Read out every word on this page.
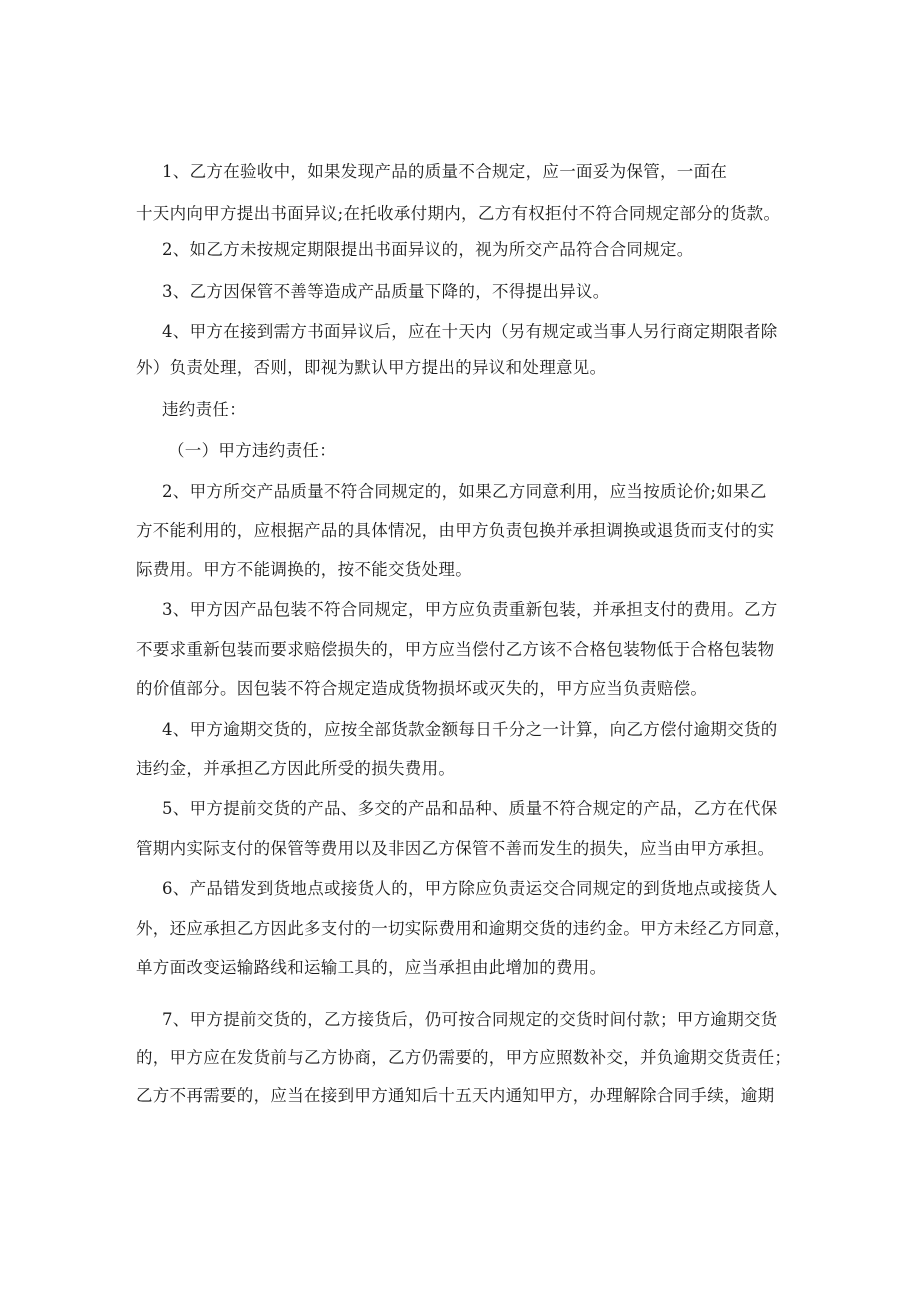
1、乙方在验收中，如果发现产品的质量不合规定，应一面妥为保管，一面在

十天内向甲方提出书面异议;在托收承付期内，乙方有权拒付不符合同规定部分的货款。

2、如乙方未按规定期限提出书面异议的，视为所交产品符合合同规定。

3、乙方因保管不善等造成产品质量下降的，不得提出异议。

4、甲方在接到需方书面异议后，应在十天内（另有规定或当事人另行商定期限者除

外）负责处理，否则，即视为默认甲方提出的异议和处理意见。

违约责任：

（一）甲方违约责任：

2、甲方所交产品质量不符合同规定的，如果乙方同意利用，应当按质论价;如果乙

方不能利用的，应根据产品的具体情况，由甲方负责包换并承担调换或退货而支付的实

际费用。甲方不能调换的，按不能交货处理。

3、甲方因产品包装不符合同规定，甲方应负责重新包装，并承担支付的费用。乙方

不要求重新包装而要求赔偿损失的，甲方应当偿付乙方该不合格包装物低于合格包装物

的价值部分。因包装不符合规定造成货物损坏或灭失的，甲方应当负责赔偿。

4、甲方逾期交货的，应按全部货款金额每日千分之一计算，向乙方偿付逾期交货的

违约金，并承担乙方因此所受的损失费用。

5、甲方提前交货的产品、多交的产品和品种、质量不符合规定的产品，乙方在代保

管期内实际支付的保管等费用以及非因乙方保管不善而发生的损失，应当由甲方承担。

6、产品错发到货地点或接货人的，甲方除应负责运交合同规定的到货地点或接货人

外，还应承担乙方因此多支付的一切实际费用和逾期交货的违约金。甲方未经乙方同意，

单方面改变运输路线和运输工具的，应当承担由此增加的费用。

7、甲方提前交货的，乙方接货后，仍可按合同规定的交货时间付款；甲方逾期交货

的，甲方应在发货前与乙方协商，乙方仍需要的，甲方应照数补交，并负逾期交货责任；

乙方不再需要的，应当在接到甲方通知后十五天内通知甲方，办理解除合同手续，逾期
